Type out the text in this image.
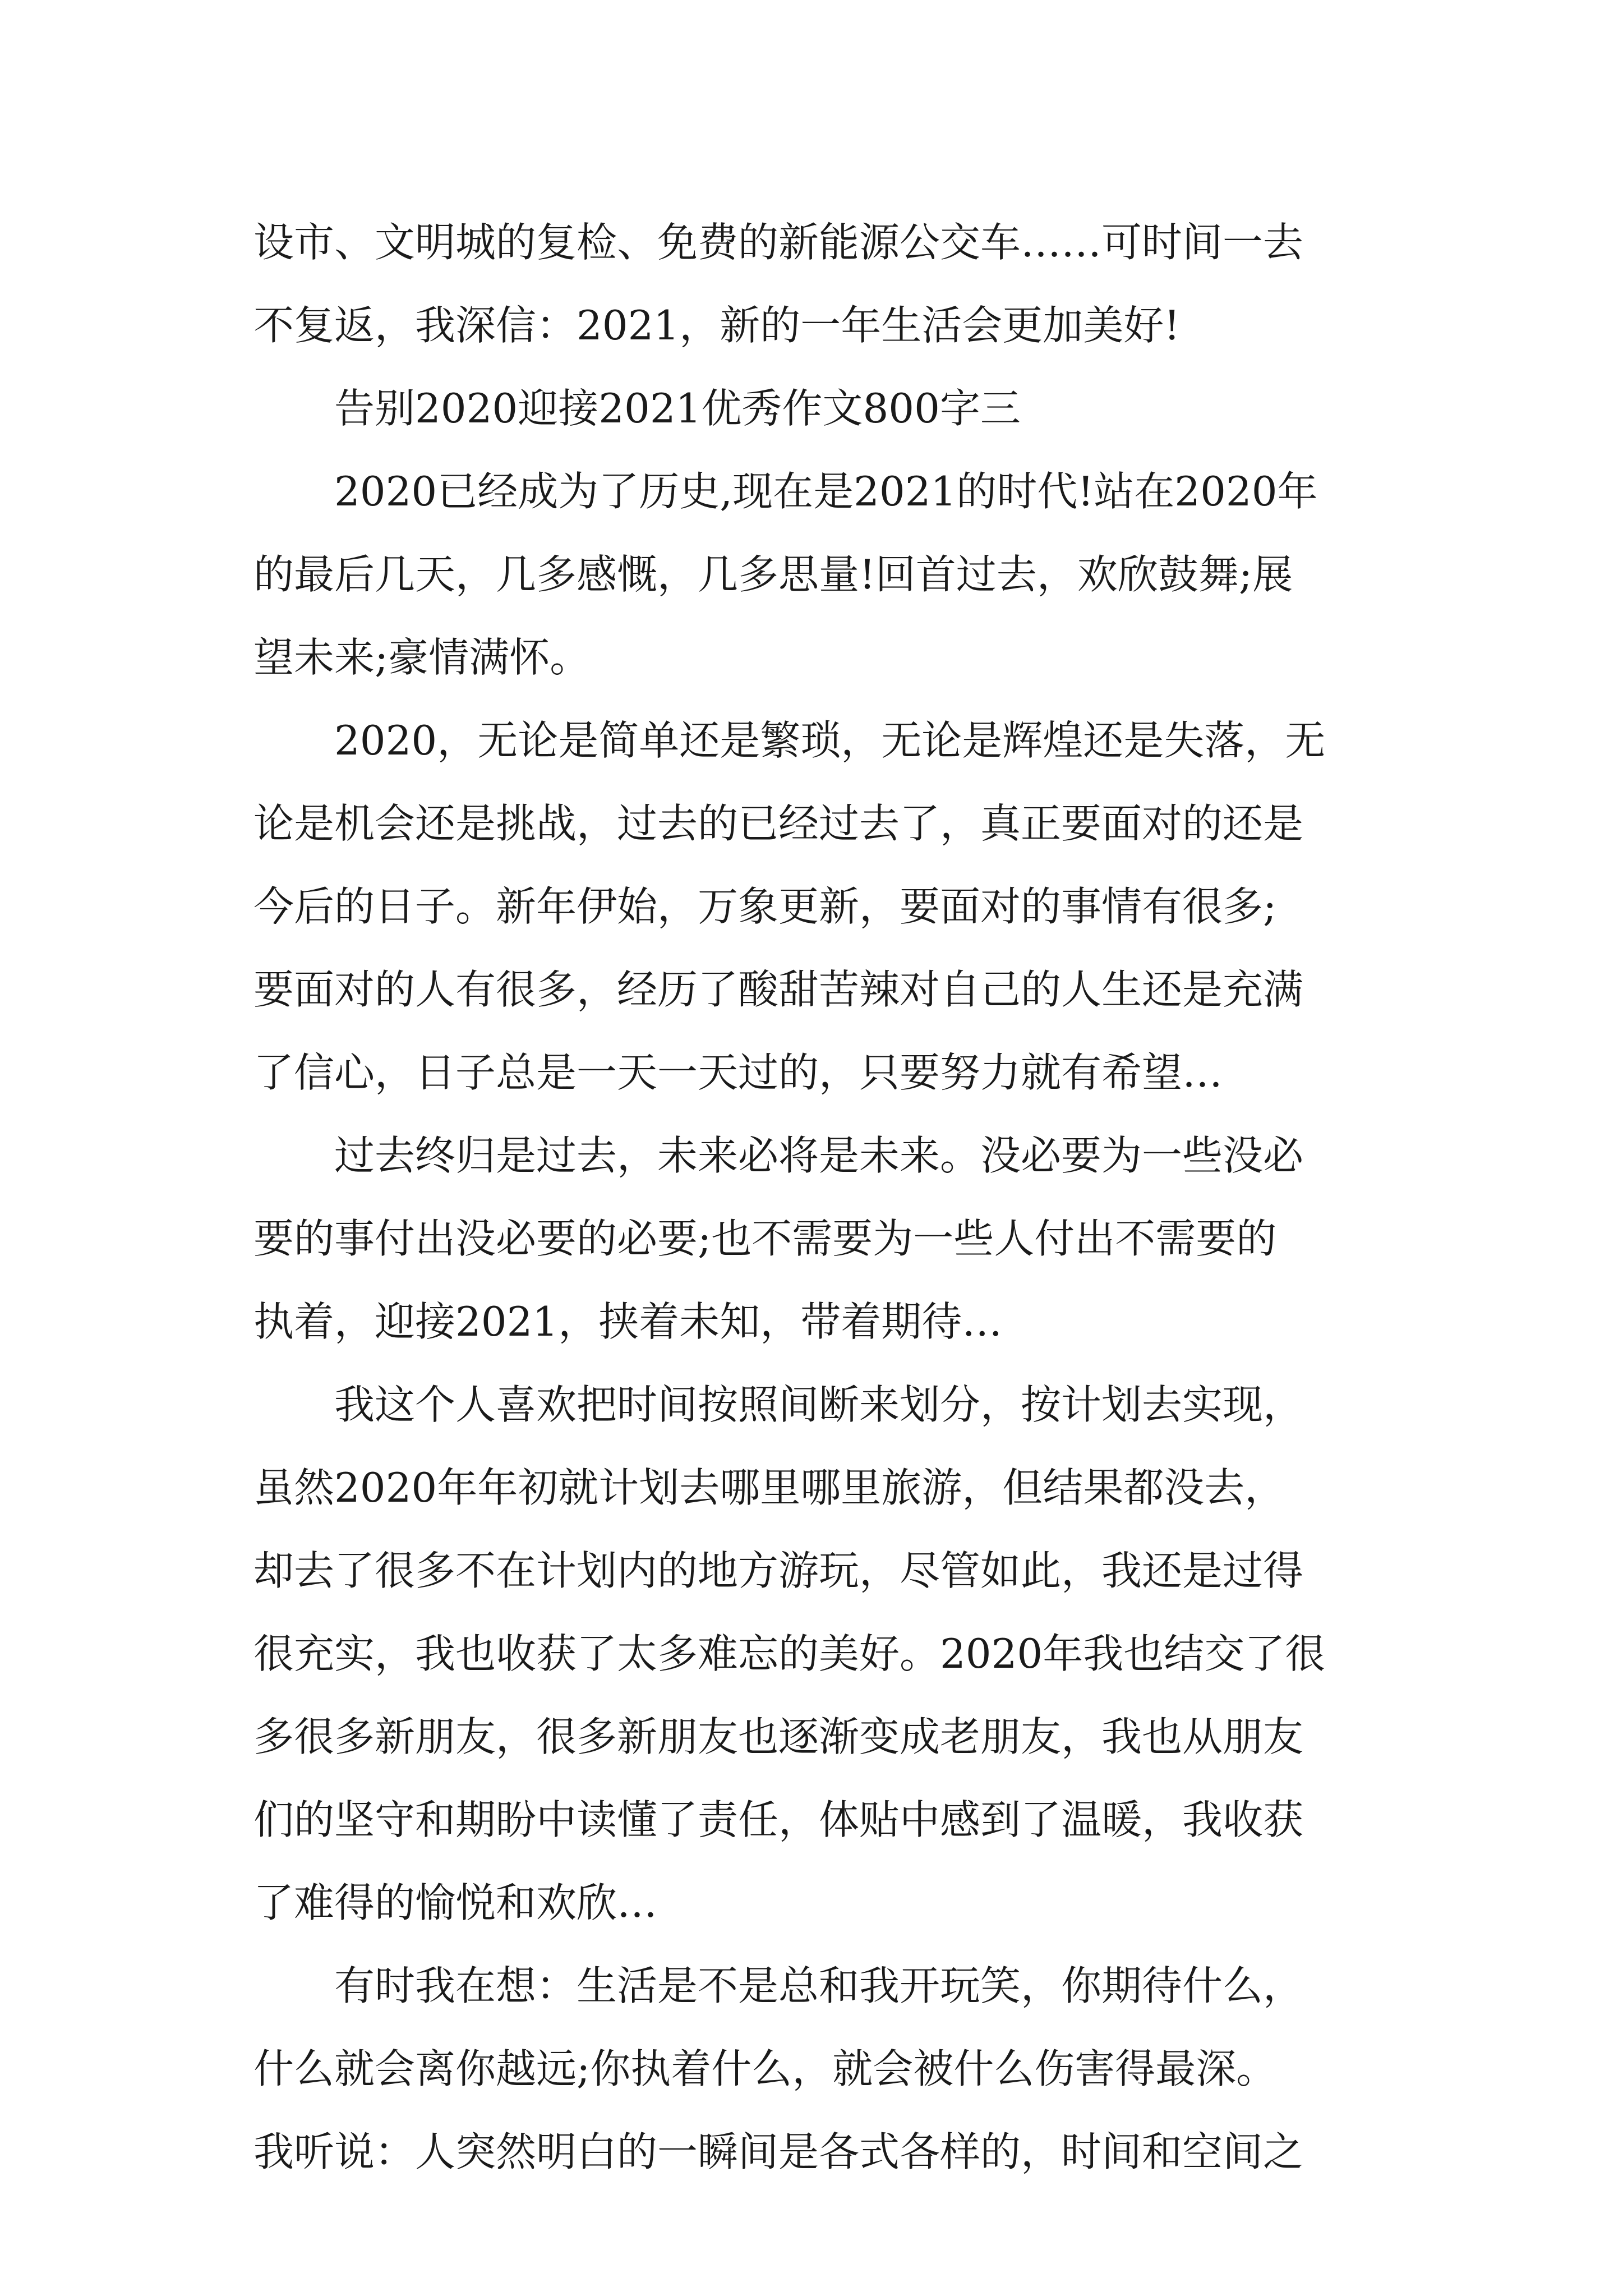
设市、文明城的复检、免费的新能源公交车……可时间一去
不复返，我深信：2021，新的一年生活会更加美好!
告别2020迎接2021优秀作文800字三
2020已经成为了历史,现在是2021的时代!站在2020年
的最后几天，几多感慨，几多思量!回首过去，欢欣鼓舞;展
望未来;豪情满怀。
2020，无论是简单还是繁琐，无论是辉煌还是失落，无
论是机会还是挑战，过去的已经过去了，真正要面对的还是
今后的日子。新年伊始，万象更新，要面对的事情有很多;
要面对的人有很多，经历了酸甜苦辣对自己的人生还是充满
了信心，日子总是一天一天过的，只要努力就有希望…
过去终归是过去，未来必将是未来。没必要为一些没必
要的事付出没必要的必要;也不需要为一些人付出不需要的
执着，迎接2021，挟着未知，带着期待…
我这个人喜欢把时间按照间断来划分，按计划去实现，
虽然2020年年初就计划去哪里哪里旅游，但结果都没去，
却去了很多不在计划内的地方游玩，尽管如此，我还是过得
很充实，我也收获了太多难忘的美好。2020年我也结交了很
多很多新朋友，很多新朋友也逐渐变成老朋友，我也从朋友
们的坚守和期盼中读懂了责任，体贴中感到了温暖，我收获
了难得的愉悦和欢欣…
有时我在想：生活是不是总和我开玩笑，你期待什么，
什么就会离你越远;你执着什么，就会被什么伤害得最深。
我听说：人突然明白的一瞬间是各式各样的，时间和空间之
